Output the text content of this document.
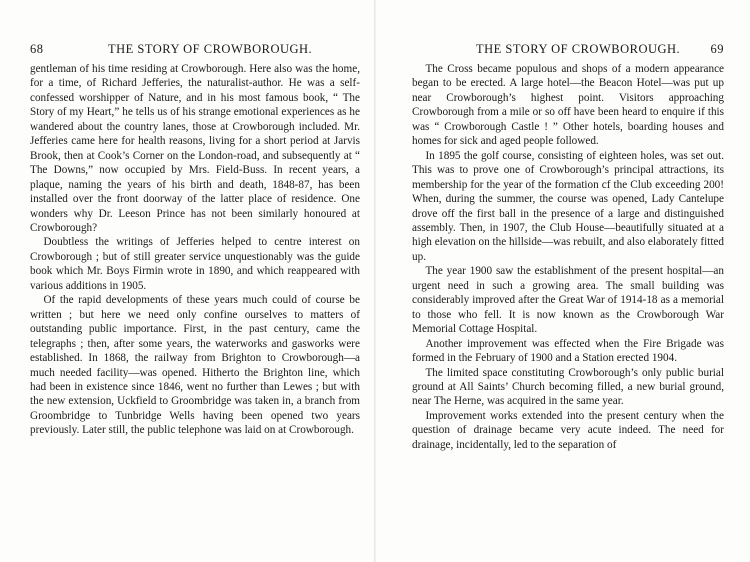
68	THE STORY OF CROWBOROUGH.

gentleman of his time residing at Crowborough. Here also was the home, for a time, of Richard Jefferies, the naturalist-author. He was a self-confessed worshipper of Nature, and in his most famous book, “ The Story of my Heart,” he tells us of his strange emotional experiences as he wandered about the country lanes, those at Crowborough included. Mr. Jefferies came here for health reasons, living for a short period at Jarvis Brook, then at Cook’s Corner on the London-road, and subsequently at “ The Downs,” now occupied by Mrs. Field-Buss. In recent years, a plaque, naming the years of his birth and death, 1848-87, has been installed over the front doorway of the latter place of residence. One wonders why Dr. Leeson Prince has not been similarly honoured at Crowborough?

Doubtless the writings of Jefferies helped to centre interest on Crowborough ; but of still greater service unquestionably was the guide book which Mr. Boys Firmin wrote in 1890, and which reappeared with various additions in 1905.

Of the rapid developments of these years much could of course be written ; but here we need only confine ourselves to matters of outstanding public importance. First, in the past century, came the telegraphs ; then, after some years, the waterworks and gasworks were established. In 1868, the railway from Brighton to Crowborough—a much needed facility—was opened. Hitherto the Brighton line, which had been in existence since 1846, went no further than Lewes ; but with the new extension, Uckfield to Groombridge was taken in, a branch from Groombridge to Tunbridge Wells having been opened two years previously. Later still, the public telephone was laid on at Crowborough.

THE STORY OF CROWBOROUGH. 69

The Cross became populous and shops of a modern appearance began to be erected. A large hotel—the Beacon Hotel—was put up near Crowborough’s highest point. Visitors approaching Crowborough from a mile or so off have been heard to enquire if this was “ Crowborough Castle ! ” Other hotels, boarding houses and homes for sick and aged people followed.

In 1895 the golf course, consisting of eighteen holes, was set out. This was to prove one of Crowborough’s principal attractions, its membership for the year of the formation cf the Club exceeding 200! When, during the summer, the course was opened, Lady Cantelupe drove off the first ball in the presence of a large and distinguished assembly. Then, in 1907, the Club House—beautifully situated at a high elevation on the hillside—was rebuilt, and also elaborately fitted up.

The year 1900 saw the establishment of the present hospital—an urgent need in such a growing area. The small building was considerably improved after the Great War of 1914-18 as a memorial to those who fell. It is now known as the Crowborough War Memorial Cottage Hospital.

Another improvement was effected when the Fire Brigade was formed in the February of 1900 and a Station erected 1904.

The limited space constituting Crowborough’s only public burial ground at All Saints’ Church becoming filled, a new burial ground, near The Herne, was acquired in the same year.

Improvement works extended into the present century when the question of drainage became very acute indeed. The need for drainage, incidentally, led to the separation of
